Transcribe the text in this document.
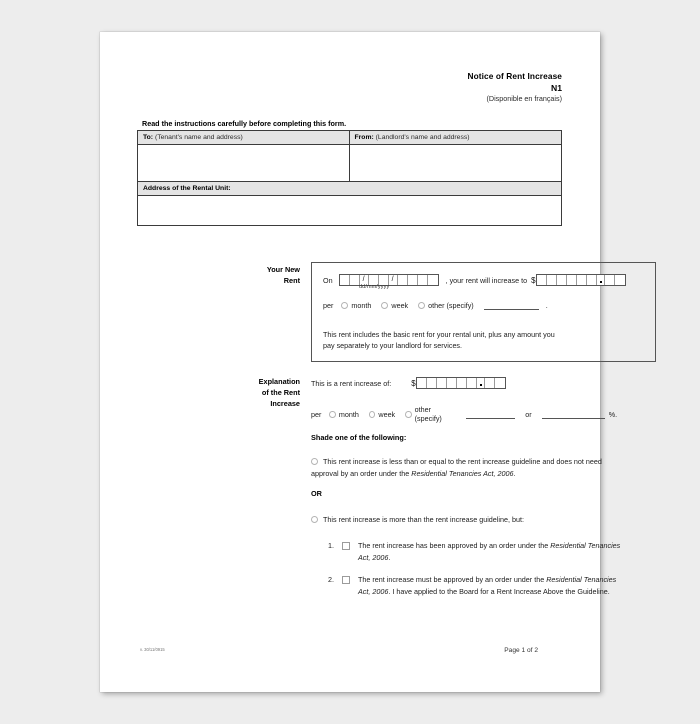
Notice of Rent Increase
N1
(Disponible en français)
Read the instructions carefully before completing this form.
To: (Tenant's name and address)	From: (Landlord's name and address)
Address of the Rental Unit:
Your New
Rent	On	/	/	, your rent will increase to $
per	month	week	other (specify)	.
This rent includes the basic rent for your rental unit, plus any amount you
pay separately to your landlord for services.
dd/mm/yyyy
Explanation
of the Rent
Increase
This is a rent increase of:	$
per month	week	other (specify)	or	%.
Shade one of the following:
This rent increase is less than or equal to the rent increase guideline and does not need approval by an order under the Residential Tenancies Act, 2006.
OR
This rent increase is more than the rent increase guideline, but:
1.	The rent increase has been approved by an order under the Residential Tenancies Act, 2006.
2.	The rent increase must be approved by an order under the Residential Tenancies Act, 2006. I have applied to the Board for a Rent Increase Above the Guideline.
v. 30/11/0915	Page 1 of 2
